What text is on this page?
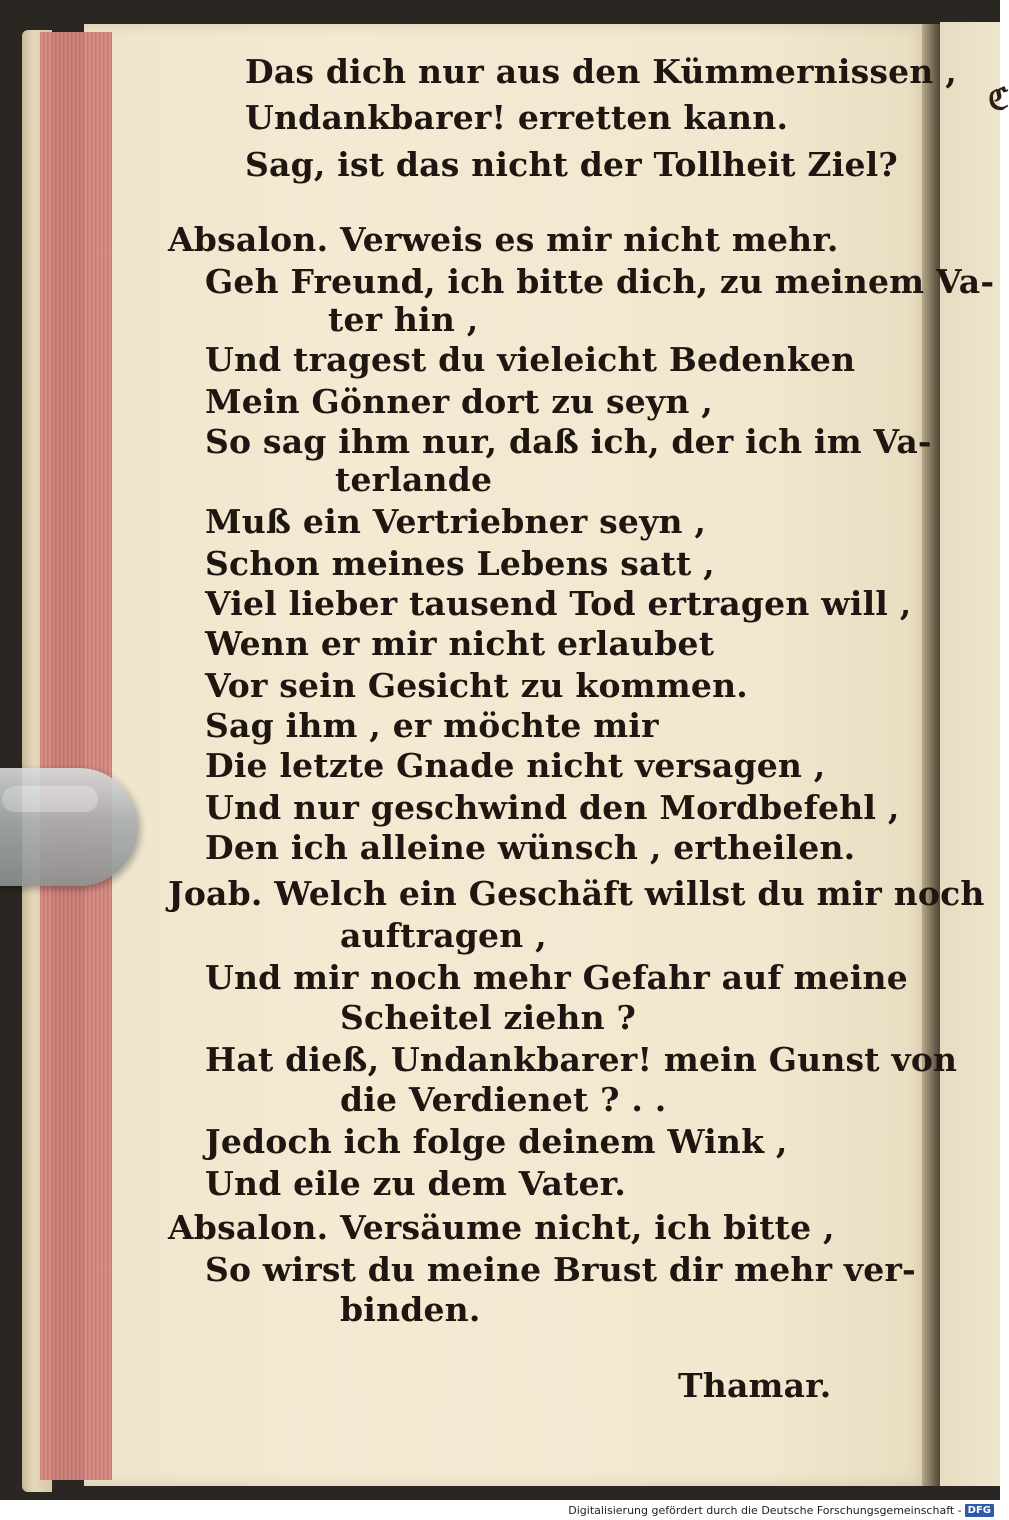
ℭ
Das dich nur aus den Kümmernissen ,
Undankbarer! erretten kann.
Sag, ist das nicht der Tollheit Ziel?
Absalon. Verweis es mir nicht mehr.
Geh Freund, ich bitte dich, zu meinem Va-
ter hin ,
Und tragest du vieleicht Bedenken
Mein Gönner dort zu seyn ,
So sag ihm nur, daß ich, der ich im Va-
terlande
Muß ein Vertriebner seyn ,
Schon meines Lebens satt ,
Viel lieber tausend Tod ertragen will ,
Wenn er mir nicht erlaubet
Vor sein Gesicht zu kommen.
Sag ihm , er möchte mir
Die letzte Gnade nicht versagen ,
Und nur geschwind den Mordbefehl ,
Den ich alleine wünsch , ertheilen.
Joab. Welch ein Geschäft willst du mir noch
auftragen ,
Und mir noch mehr Gefahr auf meine
Scheitel ziehn ?
Hat dieß, Undankbarer! mein Gunst von
die Verdienet ? . .
Jedoch ich folge deinem Wink ,
Und eile zu dem Vater.
Absalon. Versäume nicht, ich bitte ,
So wirst du meine Brust dir mehr ver-
binden.
Thamar.
Digitalisierung gefördert durch die Deutsche Forschungsgemeinschaft - DFG
